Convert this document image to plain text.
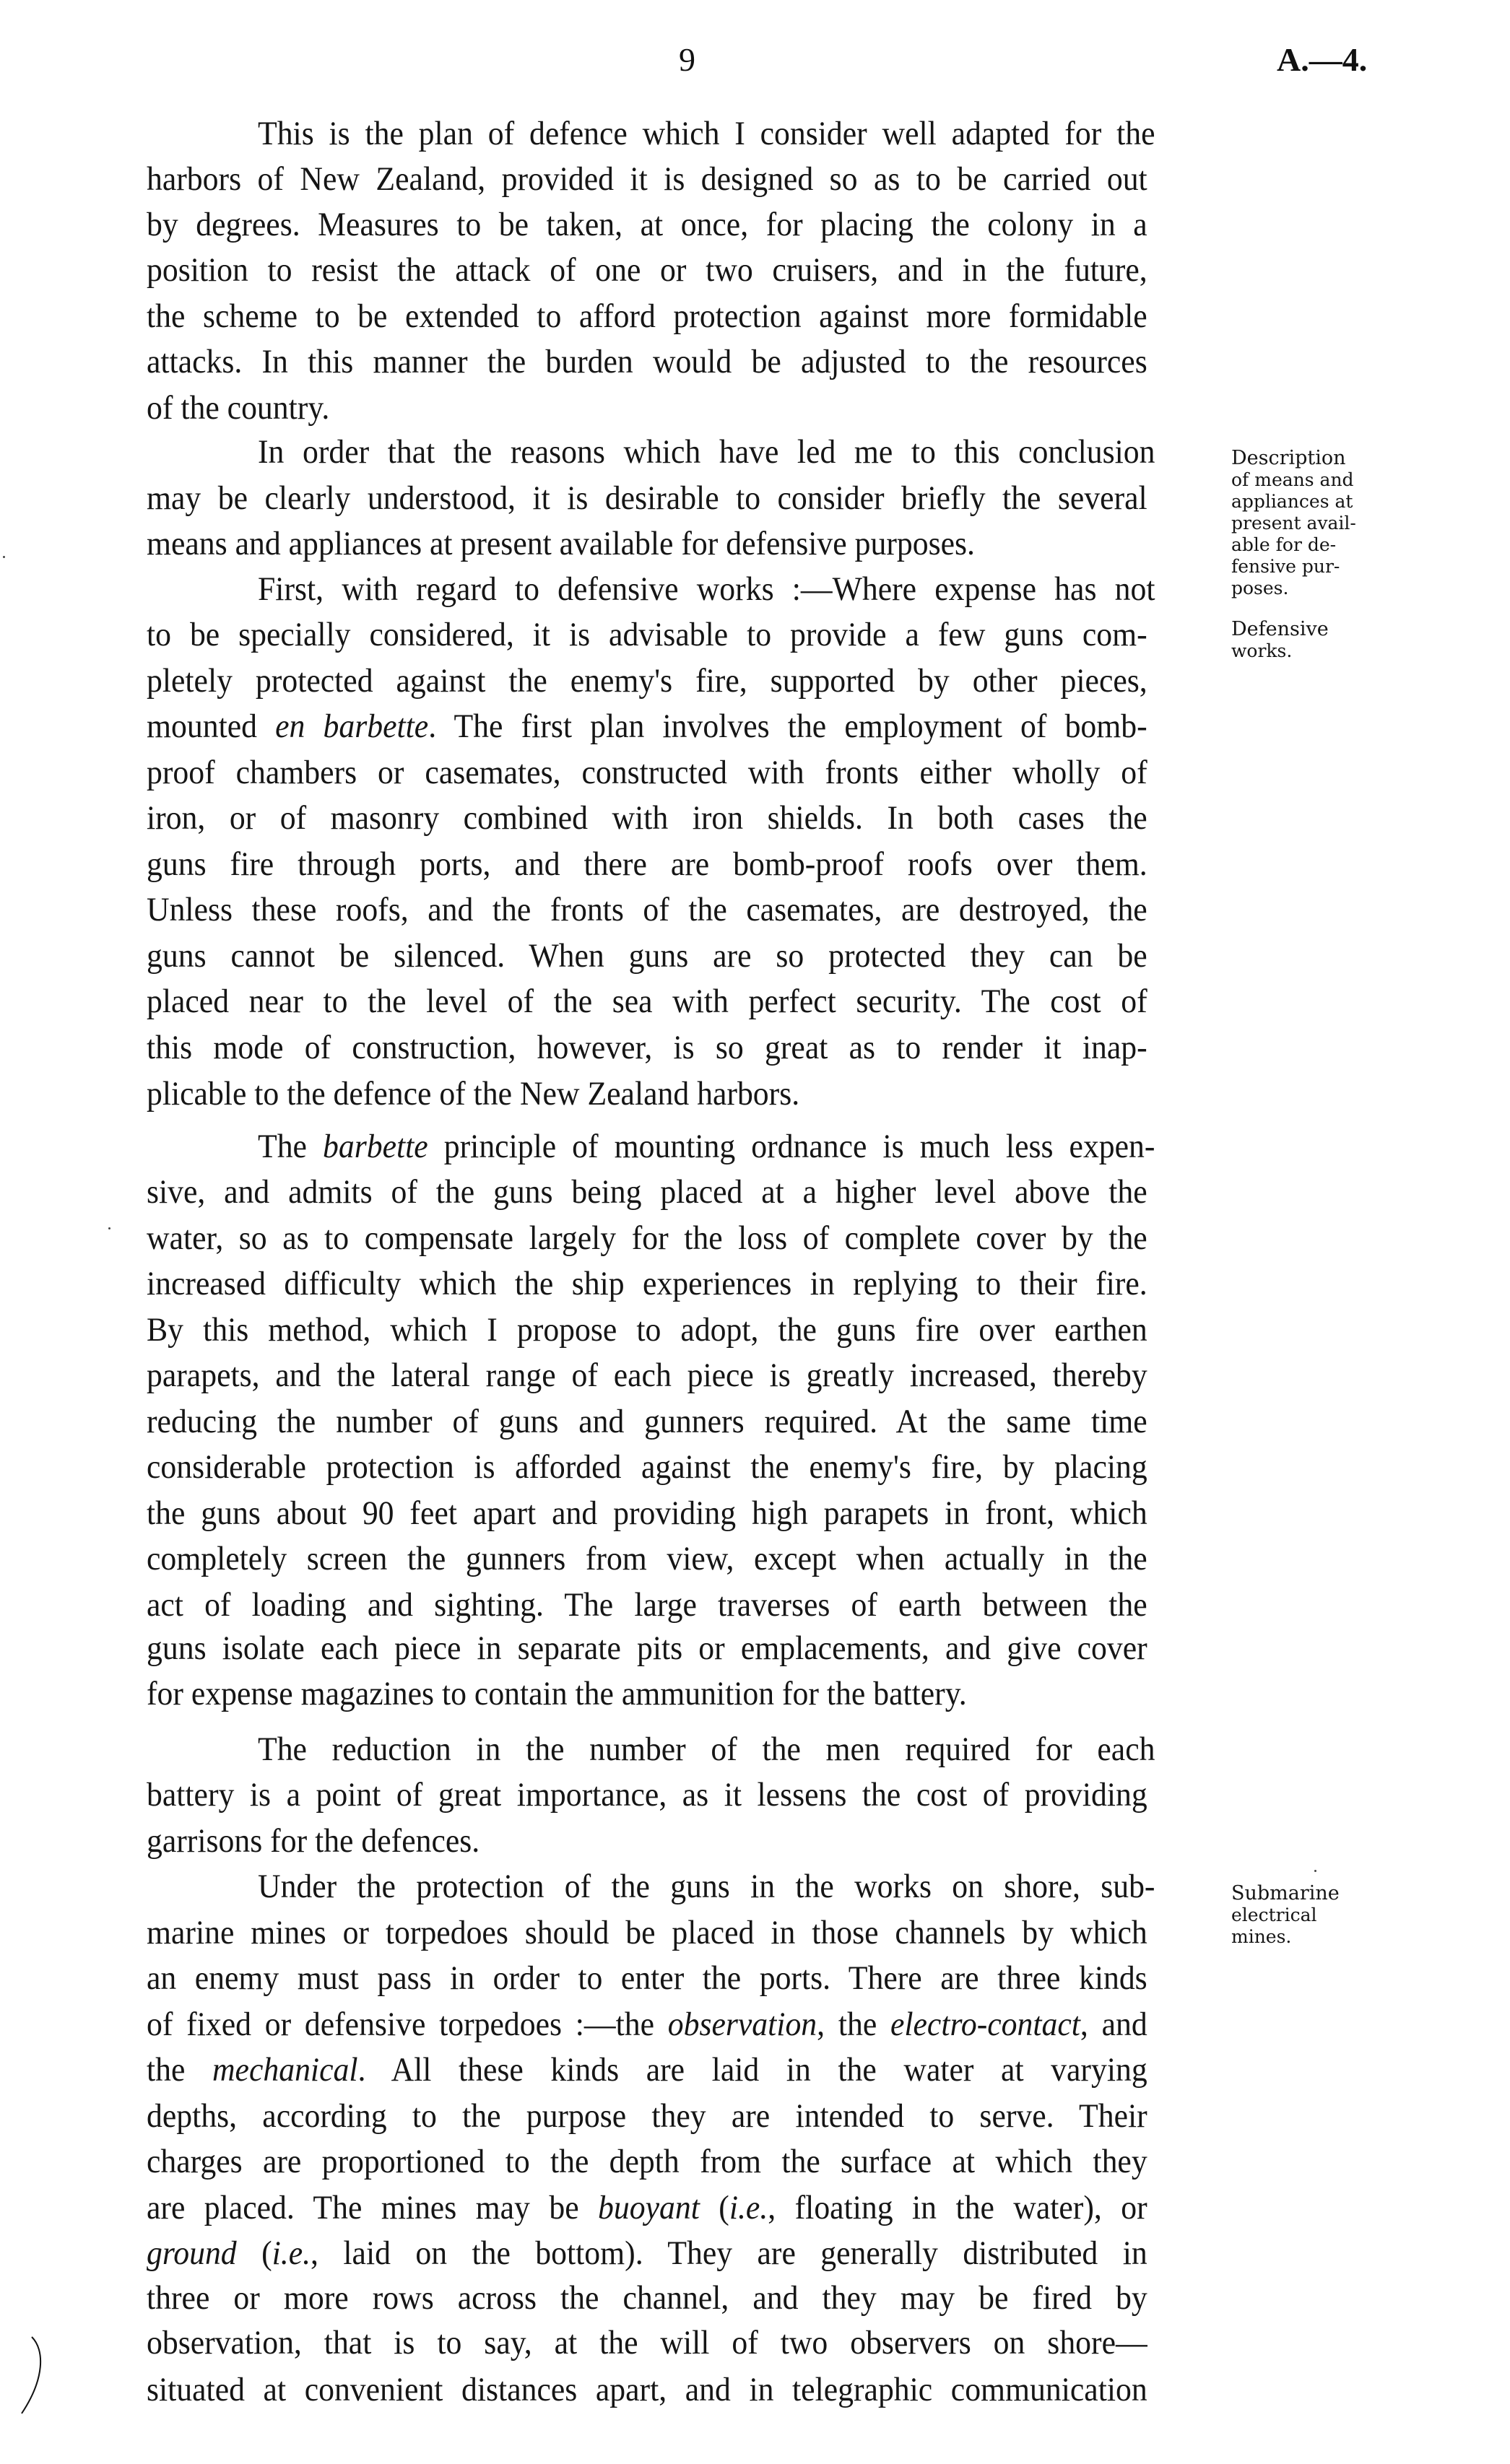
9	A.—4.
This is the plan of defence which I consider well adapted for the
harbors of New Zealand, provided it is designed so as to be carried out
by degrees. Measures to be taken, at once, for placing the colony in a
position to resist the attack of one or two cruisers, and in the future,
the scheme to be extended to afford protection against more formidable
attacks. In this manner the burden would be adjusted to the resources
of the country.
In order that the reasons which have led me to this conclusion
may be clearly understood, it is desirable to consider briefly the several
means and appliances at present available for defensive purposes.
First, with regard to defensive works :—Where expense has not
to be specially considered, it is advisable to provide a few guns com-
pletely protected against the enemy's fire, supported by other pieces,
mounted en barbette. The first plan involves the employment of bomb-
proof chambers or casemates, constructed with fronts either wholly of
iron, or of masonry combined with iron shields. In both cases the
guns fire through ports, and there are bomb-proof roofs over them.
Unless these roofs, and the fronts of the casemates, are destroyed, the
guns cannot be silenced. When guns are so protected they can be
placed near to the level of the sea with perfect security. The cost of
this mode of construction, however, is so great as to render it inap-
plicable to the defence of the New Zealand harbors.
The barbette principle of mounting ordnance is much less expen-
sive, and admits of the guns being placed at a higher level above the
water, so as to compensate largely for the loss of complete cover by the
increased difficulty which the ship experiences in replying to their fire.
By this method, which I propose to adopt, the guns fire over earthen
parapets, and the lateral range of each piece is greatly increased, thereby
reducing the number of guns and gunners required. At the same time
considerable protection is afforded against the enemy's fire, by placing
the guns about 90 feet apart and providing high parapets in front, which
completely screen the gunners from view, except when actually in the
act of loading and sighting. The large traverses of earth between the
guns isolate each piece in separate pits or emplacements, and give cover
for expense magazines to contain the ammunition for the battery.
The reduction in the number of the men required for each
battery is a point of great importance, as it lessens the cost of providing
garrisons for the defences.
Under the protection of the guns in the works on shore, sub-
marine mines or torpedoes should be placed in those channels by which
an enemy must pass in order to enter the ports. There are three kinds
of fixed or defensive torpedoes :—the observation, the electro-contact, and
the mechanical. All these kinds are laid in the water at varying
depths, according to the purpose they are intended to serve. Their
charges are proportioned to the depth from the surface at which they
are placed. The mines may be buoyant (i.e., floating in the water), or
ground (i.e., laid on the bottom). They are generally distributed in
three or more rows across the channel, and they may be fired by
observation, that is to say, at the will of two observers on shore—
situated at convenient distances apart, and in telegraphic communication
Description
of means and
appliances at
present avail-
able for de-
fensive pur-
poses.
Defensive
works.
Submarine
electrical
mines.
